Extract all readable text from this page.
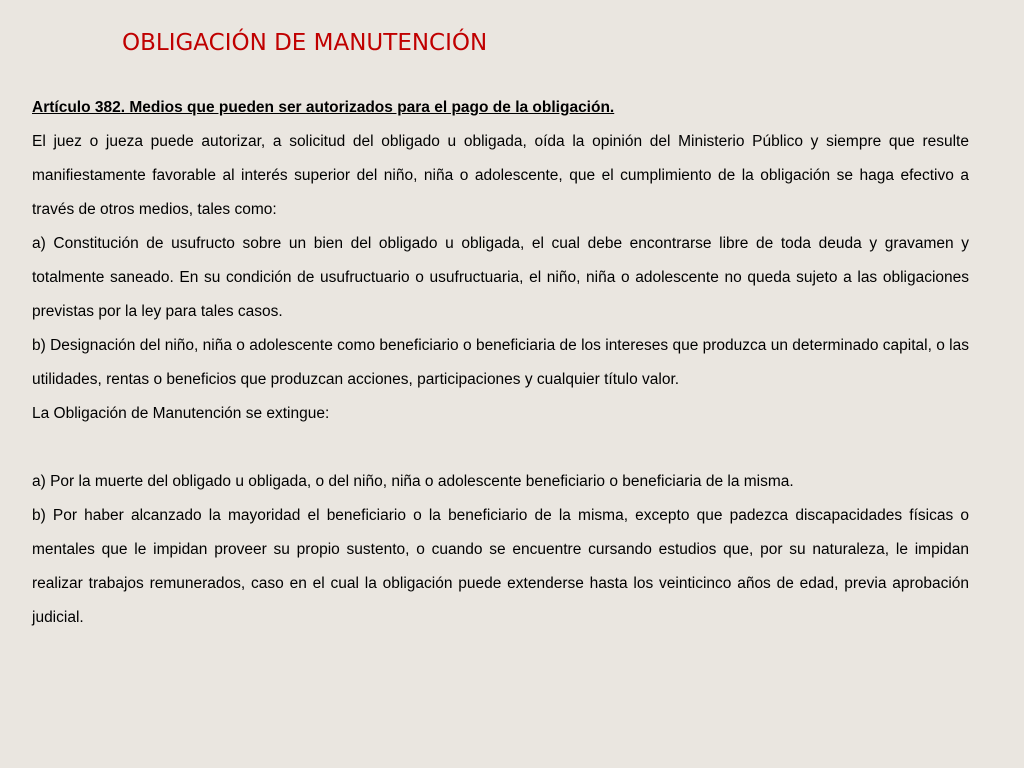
OBLIGACIÓN DE MANUTENCIÓN

Artículo 382. Medios que pueden ser autorizados para el pago de la obligación.

El juez o jueza puede autorizar, a solicitud del obligado u obligada, oída la opinión del Ministerio Público y siempre que resulte manifiestamente favorable al interés superior del niño, niña o adolescente, que el cumplimiento de la obligación se haga efectivo a través de otros medios, tales como:

a) Constitución de usufructo sobre un bien del obligado u obligada, el cual debe encontrarse libre de toda deuda y gravamen y totalmente saneado. En su condición de usufructuario o usufructuaria, el niño, niña o adolescente no queda sujeto a las obligaciones previstas por la ley para tales casos.

b) Designación del niño, niña o adolescente como beneficiario o beneficiaria de los intereses que produzca un determinado capital, o las utilidades, rentas o beneficios que produzcan acciones, participaciones y cualquier título valor.

La Obligación de Manutención se extingue:

a) Por la muerte del obligado u obligada, o del niño, niña o adolescente beneficiario o beneficiaria de la misma.

b) Por haber alcanzado la mayoridad el beneficiario o la beneficiario de la misma, excepto que padezca discapacidades físicas o mentales que le impidan proveer su propio sustento, o cuando se encuentre cursando estudios que, por su naturaleza, le impidan realizar trabajos remunerados, caso en el cual la obligación puede extenderse hasta los veinticinco años de edad, previa aprobación judicial.
